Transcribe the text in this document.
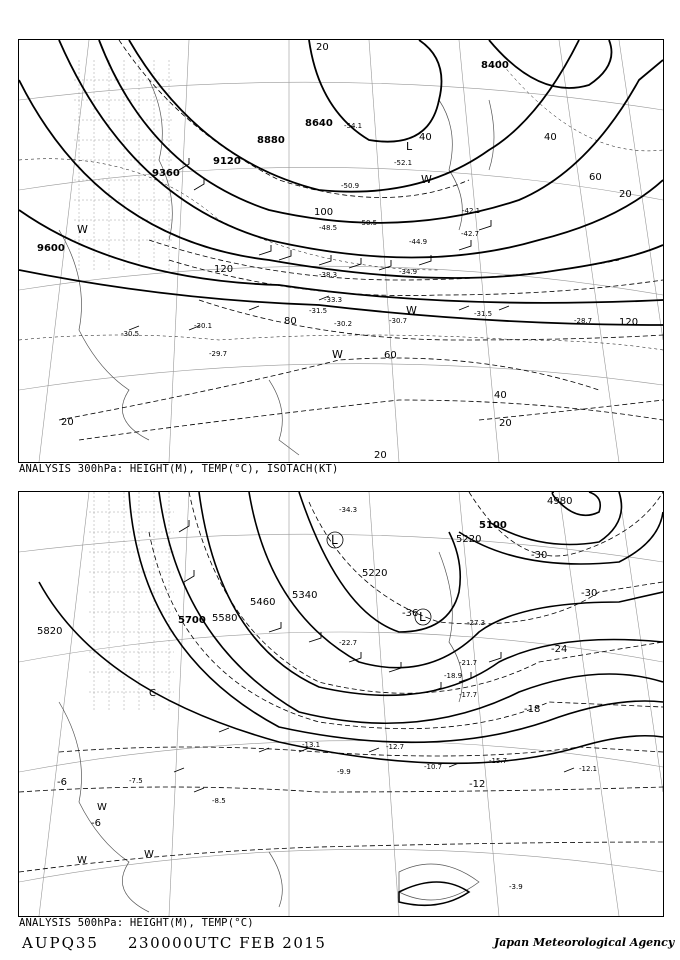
8400
8640
8880
9120
9360
9600
20
40
60
80
100
120
20
40
40
120
20
20
20
60
-54.1
-52.1
-50.9
-50.5
-48.5
-44.9
-42.7
-42.1
-38.3	-34.9
-33.3
-31.5
-30.7
-30.2
-30.1
-29.7
-28.7
-31.5
-30.5
L
W
W
W
W
ANALYSIS 300hPa: HEIGHT(M), TEMP(°C), ISOTACH(KT)
4980
5100
5220
5220
5340
5460
5580
5700
5820
-36
-30
-30
-24
-18
-12
-6
-6
-34.3
-27.3
-22.7
-21.7
-18.9
-17.7
-15.7
-13.1	-12.7
-12.1
-10.7
-9.9
-8.5
-7.5
-3.9
L
L
W
W
W
C
ANALYSIS 500hPa: HEIGHT(M), TEMP(°C)
AUPQ35 230000UTC FEB 2015	Japan Meteorological Agency
